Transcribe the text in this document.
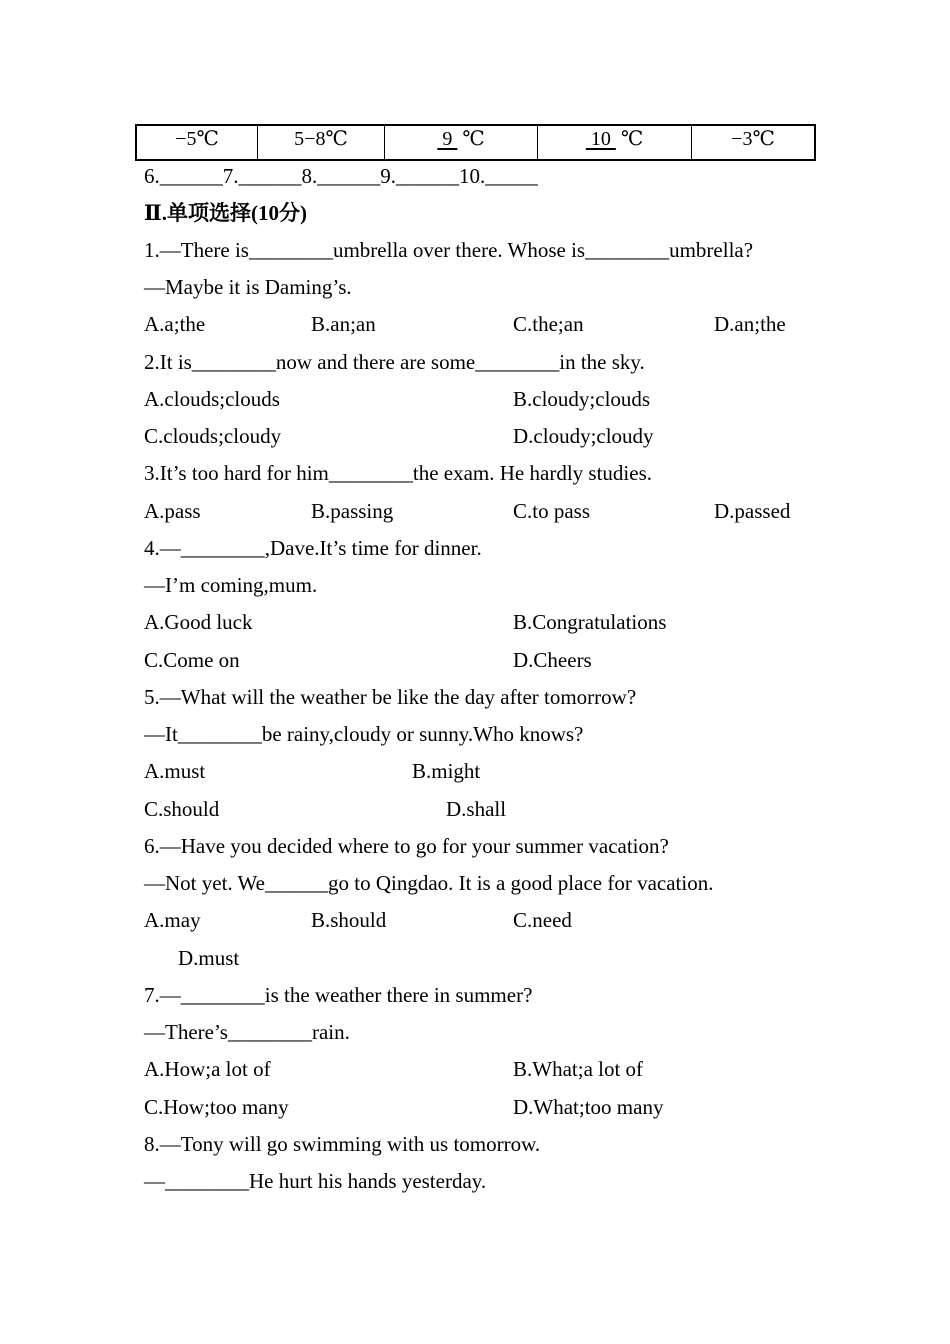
−5℃	5−8℃	9  ℃	10  ℃	−3℃
6.______7.______8.______9.______10._____
Ⅱ.单项选择(10分)
1.—There is________umbrella over there. Whose is________umbrella?
—Maybe it is Daming’s.
A.a;the	B.an;an	C.the;an	D.an;the
2.It is________now and there are some________in the sky.
A.clouds;clouds	B.cloudy;clouds
C.clouds;cloudy	D.cloudy;cloudy
3.It’s too hard for him________the exam. He hardly studies.
A.pass	B.passing	C.to pass	D.passed
4.—________,Dave.It’s time for dinner.
—I’m coming,mum.
A.Good luck	B.Congratulations
C.Come on	D.Cheers
5.—What will the weather be like the day after tomorrow?
—It________be rainy,cloudy or sunny.Who knows?
A.must	B.might
C.should	D.shall
6.—Have you decided where to go for your summer vacation?
—Not yet. We______go to Qingdao. It is a good place for vacation.
A.may	B.should	C.need
D.must
7.—________is the weather there in summer?
—There’s________rain.
A.How;a lot of	B.What;a lot of
C.How;too many	D.What;too many
8.—Tony will go swimming with us tomorrow.
—________He hurt his hands yesterday.
